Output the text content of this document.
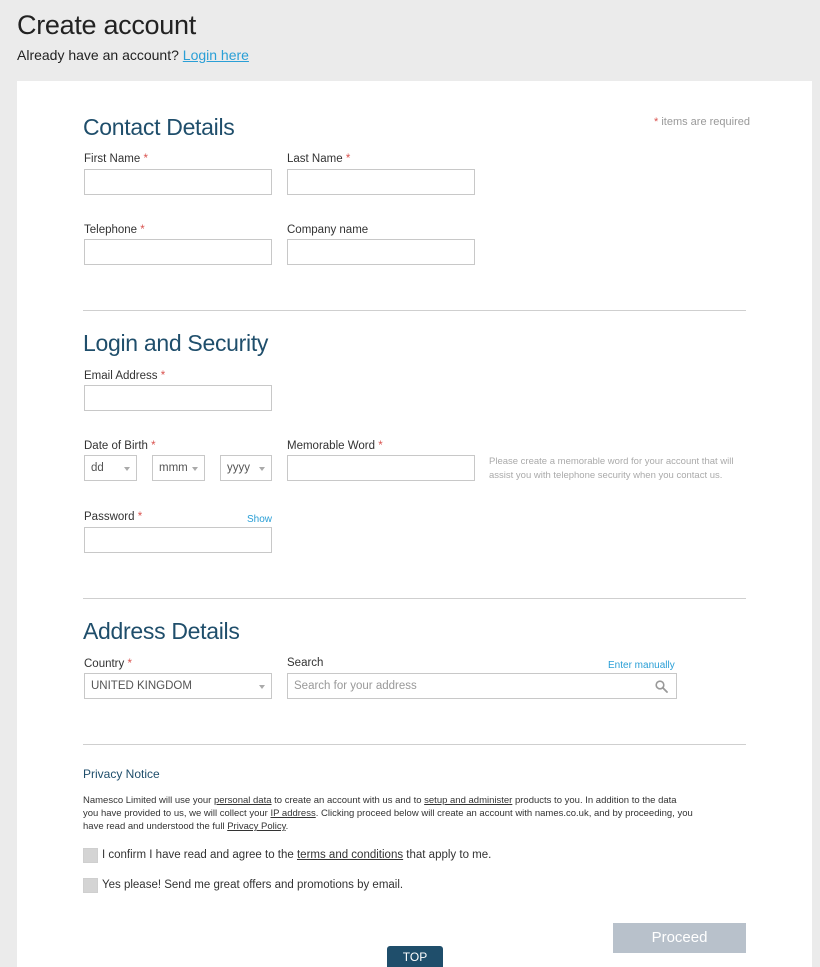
Create account
Already have an account? Login here
Contact Details	* items are required
First Name *	Last Name *
Telephone *	Company name
Login and Security
Email Address *
Date of Birth *
dd	mmm	yyyy
Memorable Word *
Please create a memorable word for your account that will
assist you with telephone security when you contact us.
Password *	Show
Address Details
Country *
UNITED KINGDOM
Search	Enter manually
Search for your address
Privacy Notice
Namesco Limited will use your personal data to create an account with us and to setup and administer products to you. In addition to the data
you have provided to us, we will collect your IP address. Clicking proceed below will create an account with names.co.uk, and by proceeding, you
have read and understood the full Privacy Policy.
I confirm I have read and agree to the terms and conditions that apply to me.
Yes please! Send me great offers and promotions by email.
Proceed
TOP
